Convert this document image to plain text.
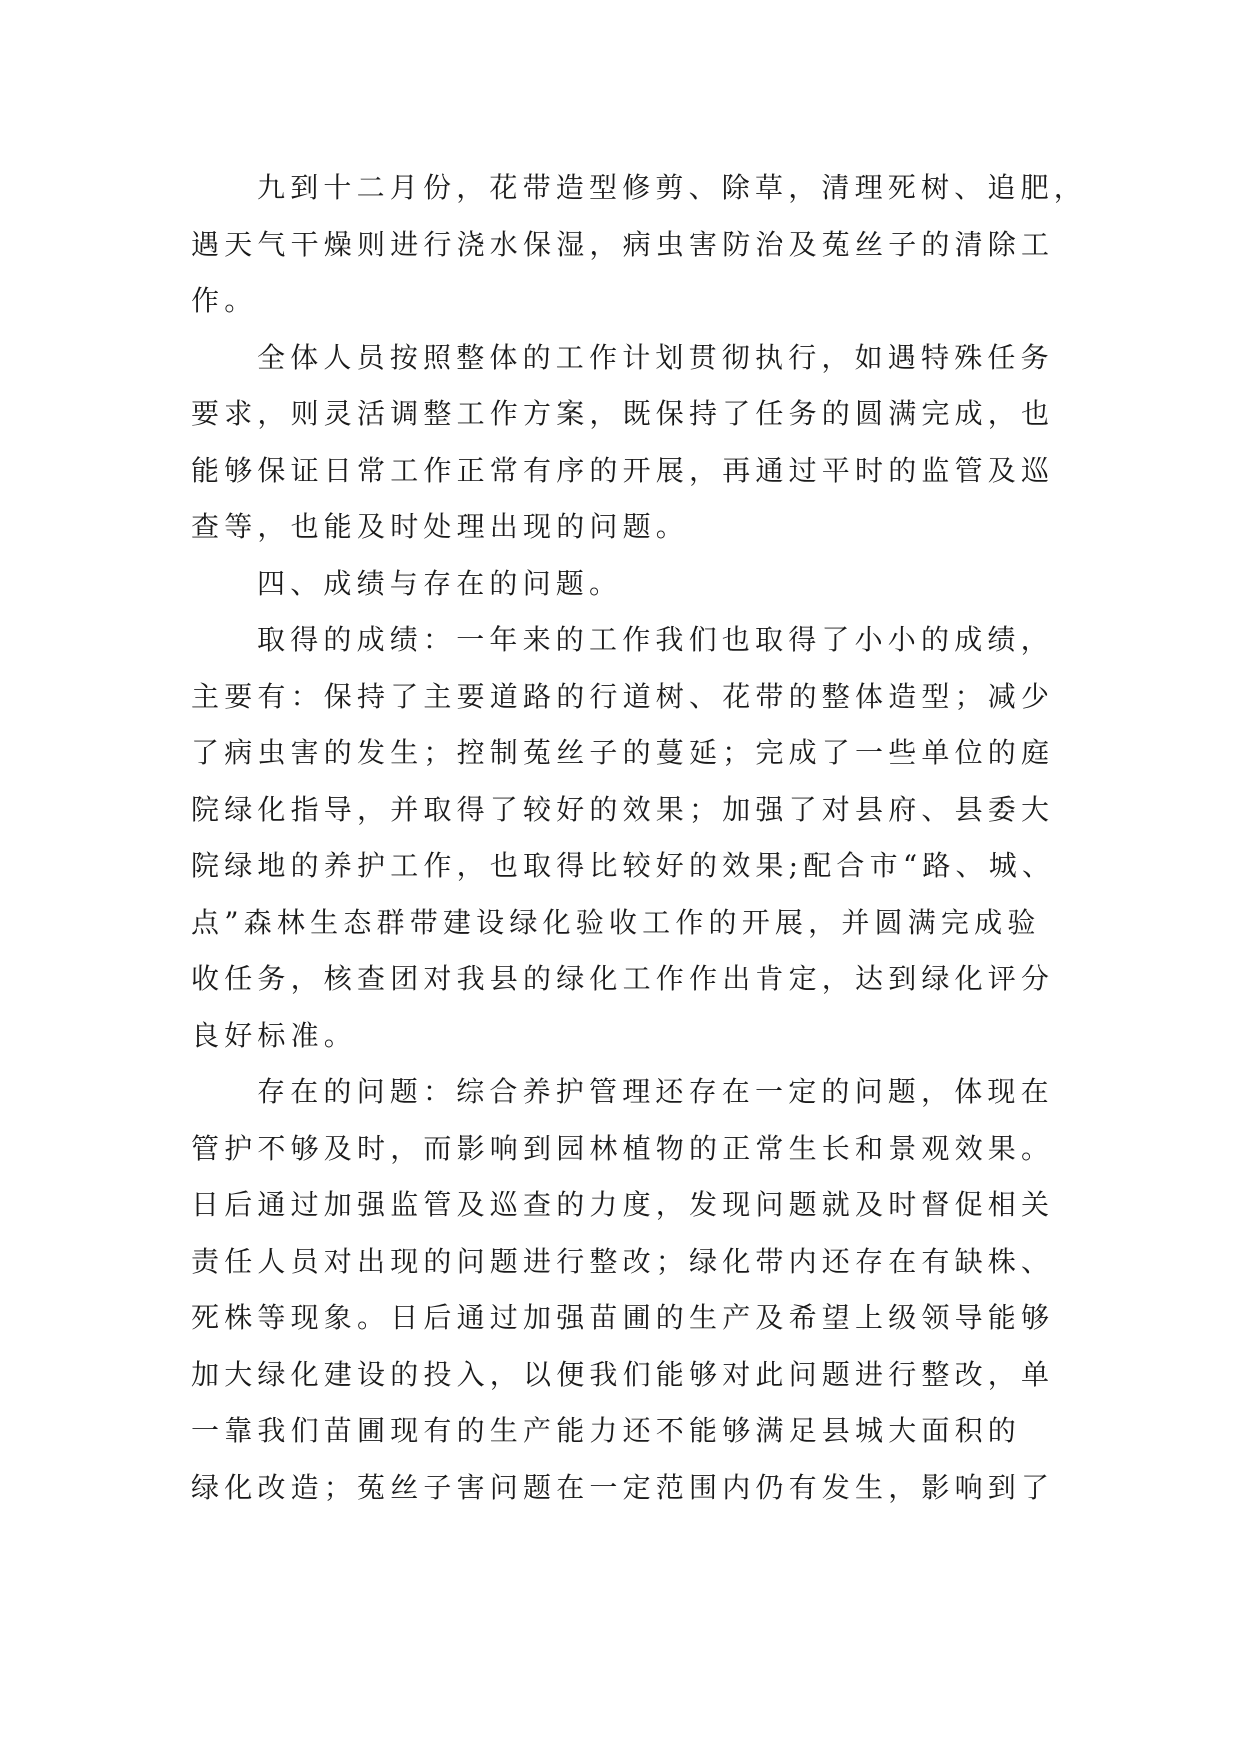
九到十二月份，花带造型修剪、除草，清理死树、追肥，
遇天气干燥则进行浇水保湿，病虫害防治及菟丝子的清除工
作。
全体人员按照整体的工作计划贯彻执行，如遇特殊任务
要求，则灵活调整工作方案，既保持了任务的圆满完成，也
能够保证日常工作正常有序的开展，再通过平时的监管及巡
查等，也能及时处理出现的问题。
四、成绩与存在的问题。
取得的成绩：一年来的工作我们也取得了小小的成绩，
主要有：保持了主要道路的行道树、花带的整体造型；减少
了病虫害的发生；控制菟丝子的蔓延；完成了一些单位的庭
院绿化指导，并取得了较好的效果；加强了对县府、县委大
院绿地的养护工作，也取得比较好的效果;配合市“路、城、
点”森林生态群带建设绿化验收工作的开展，并圆满完成验
收任务，核查团对我县的绿化工作作出肯定，达到绿化评分
良好标准。
存在的问题：综合养护管理还存在一定的问题，体现在
管护不够及时，而影响到园林植物的正常生长和景观效果。
日后通过加强监管及巡查的力度，发现问题就及时督促相关
责任人员对出现的问题进行整改；绿化带内还存在有缺株、
死株等现象。日后通过加强苗圃的生产及希望上级领导能够
加大绿化建设的投入，以便我们能够对此问题进行整改，单
一靠我们苗圃现有的生产能力还不能够满足县城大面积的
绿化改造；菟丝子害问题在一定范围内仍有发生，影响到了
